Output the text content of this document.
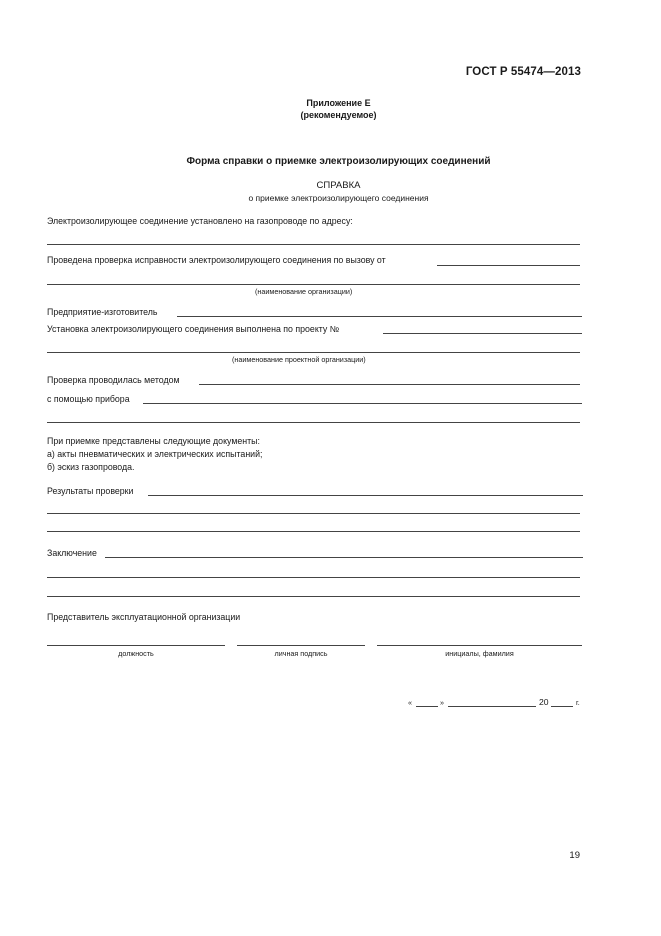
ГОСТ Р 55474—2013
Приложение Е
(рекомендуемое)
Форма справки о приемке электроизолирующих соединений
СПРАВКА
о приемке электроизолирующего соединения
Электроизолирующее соединение установлено на газопроводе по адресу:
Проведена проверка исправности электроизолирующего соединения по вызову от
(наименование организации)
Предприятие-изготовитель
Установка электроизолирующего соединения выполнена по проекту №
(наименование проектной организации)
Проверка проводилась методом
с помощью прибора
При приемке представлены следующие документы:
а) акты пневматических и электрических испытаний;
б) эскиз газопровода.
Результаты проверки
Заключение
Представитель эксплуатационной организации
должность	личная подпись	инициалы, фамилия
«	»	20	г.
19
